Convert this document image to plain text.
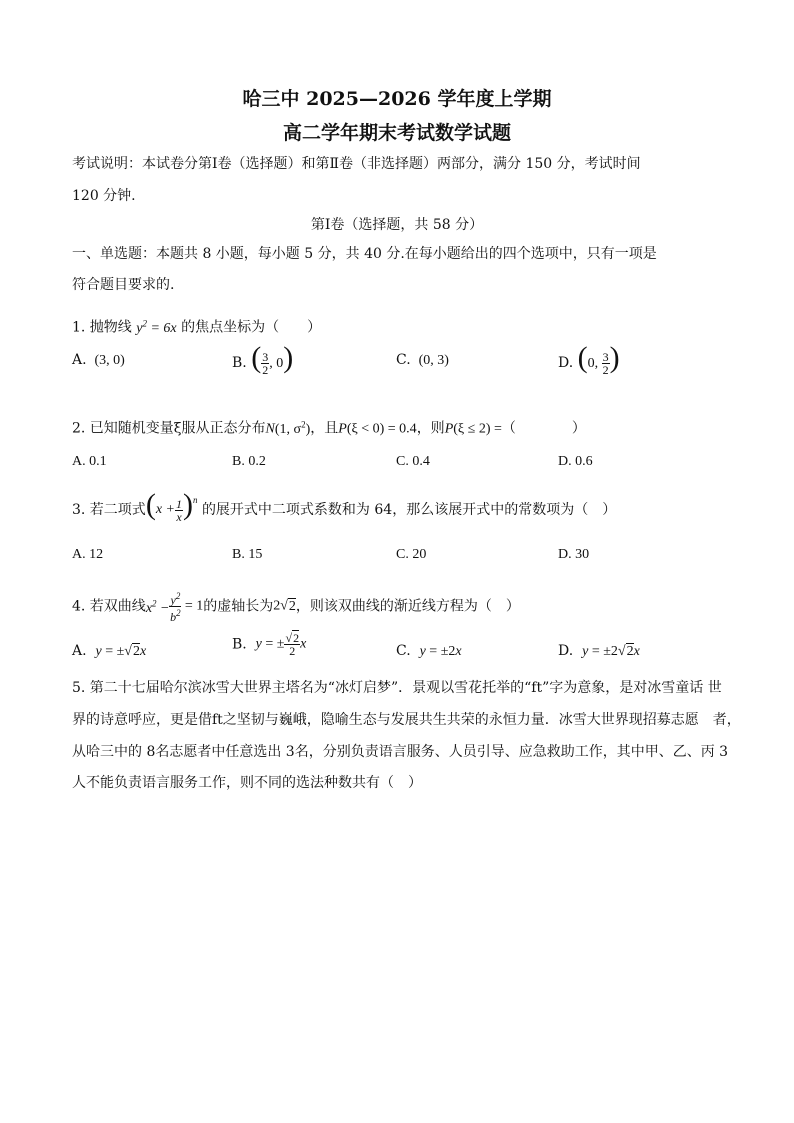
哈三中 2025—2026 学年度上学期
高二学年期末考试数学试题
考试说明：本试卷分第Ⅰ卷（选择题）和第Ⅱ卷（非选择题）两部分，满分 150 分，考试时间
120 分钟.
第Ⅰ卷（选择题，共 58 分）
一、单选题：本题共 8 小题，每小题 5 分，共 40 分.在每小题给出的四个选项中，只有一项是
符合题目要求的.
1. 抛物线 $y^2 = 6x$ 的焦点坐标为（　　）
A.  (3, 0)	B. ( $\frac{3}{2}$ , 0)	C.  (0, 3)	D. (0, $\frac{3}{2}$ )
2. 已知随机变量ξ服从正态分布N(1, $\sigma^2$)，且P(ξ < 0) = 0.4，则P(ξ ≤ 2) =（　　　　）
A. 0.1	B. 0.2	C. 0.4	D. 0.6
3. 若二项式$(x + \frac{1}{x} )^n$ 的展开式中二项式系数和为 64，那么该展开式中的常数项为（　）
A. 12	B. 15	C. 20	D. 30
4. 若双曲线$x^2 - \frac{y^2}{b^2} = 1$的虚轴长为2√2，则该双曲线的渐近线方程为（　）
A. y = ±√2x	B. y = ± $\frac{√2}{2}$ x	C. y = ±2x	D. y = ±2√2x
5. 第二十七届哈尔滨冰雪大世界主塔名为“冰灯启梦”．景观以雪花托举的“ft”字为意象，是对冰雪童话 世
界的诗意呼应，更是借ft之坚韧与巍峨，隐喻生态与发展共生共荣的永恒力量．冰雪大世界现招募志愿　者，
从哈三中的 8名志愿者中任意选出 3名，分别负责语言服务、人员引导、应急救助工作，其中甲、乙、丙 3
人不能负责语言服务工作，则不同的选法种数共有（　）
